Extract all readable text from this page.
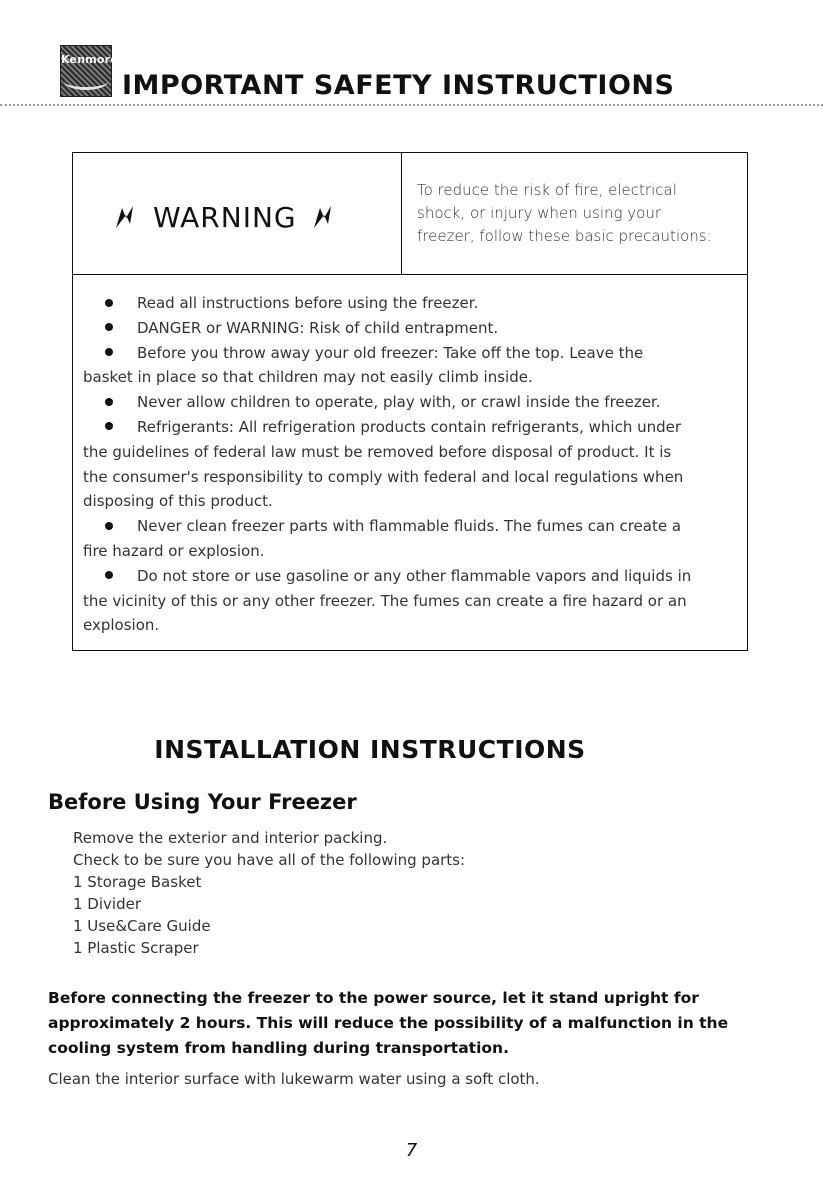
Kenmore
IMPORTANT SAFETY INSTRUCTIONS
WARNING
To reduce the risk of fire, electrical
shock, or injury when using your
freezer, follow these basic precautions:

Read all instructions before using the freezer.

DANGER or WARNING: Risk of child entrapment.

Before you throw away your old freezer: Take off the top. Leave the

basket in place so that children may not easily climb inside.

Never allow children to operate, play with, or crawl inside the freezer.

Refrigerants: All refrigeration products contain refrigerants, which under

the guidelines of federal law must be removed before disposal of product. It is

the consumer's responsibility to comply with federal and local regulations when

disposing of this product.

Never clean freezer parts with flammable fluids. The fumes can create a

fire hazard or explosion.

Do not store or use gasoline or any other flammable vapors and liquids in

the vicinity of this or any other freezer. The fumes can create a fire hazard or an

explosion.

INSTALLATION INSTRUCTIONS
Before Using Your Freezer
Remove the exterior and interior packing.
Check to be sure you have all of the following parts:
1 Storage Basket
1 Divider
1 Use&Care Guide
1 Plastic Scraper
Before connecting the freezer to the power source, let it stand upright for
approximately 2 hours. This will reduce the possibility of a malfunction in the
cooling system from handling during transportation.
Clean the interior surface with lukewarm water using a soft cloth.
7
